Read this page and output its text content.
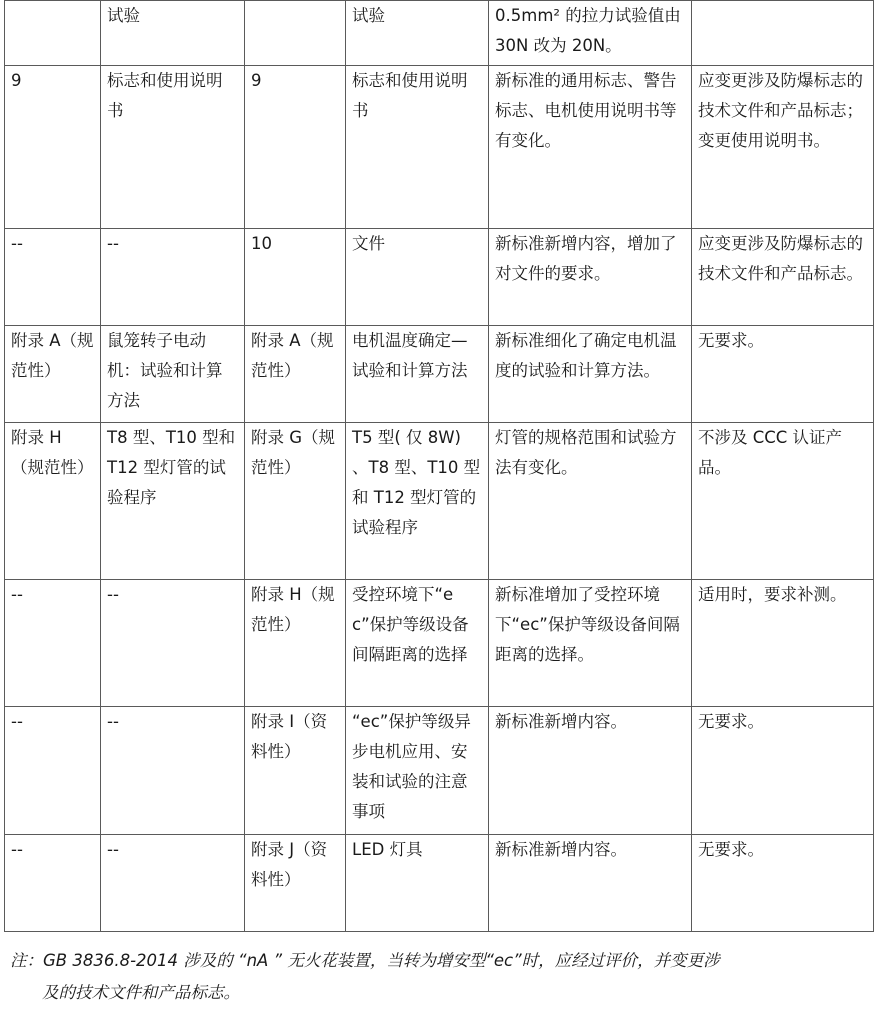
	试验		试验	0.5mm² 的拉力试验值由 30N 改为 20N。	
9	标志和使用说明书	9	标志和使用说明书	新标准的通用标志、警告标志、电机使用说明书等有变化。	应变更涉及防爆标志的技术文件和产品标志；变更使用说明书。
--	--	10	文件	新标准新增内容，增加了对文件的要求。	应变更涉及防爆标志的技术文件和产品标志。
附录 A（规范性）	鼠笼转子电动机：试验和计算方法	附录 A（规范性）	电机温度确定—试验和计算方法	新标准细化了确定电机温度的试验和计算方法。	无要求。
附录 H（规范性）	T8 型、T10 型和 T12 型灯管的试验程序	附录 G（规范性）	T5 型( 仅 8W) 、T8 型、T10 型和 T12 型灯管的试验程序	灯管的规格范围和试验方法有变化。	不涉及 CCC 认证产品。
--	--	附录 H（规范性）	受控环境下“ec”保护等级设备间隔距离的选择	新标准增加了受控环境下“ec”保护等级设备间隔距离的选择。	适用时，要求补测。
--	--	附录 I（资料性）	“ec”保护等级异步电机应用、安装和试验的注意事项	新标准新增内容。	无要求。
--	--	附录 J（资料性）	LED 灯具	新标准新增内容。	无要求。
注：GB 3836.8-2014 涉及的 “nA ” 无火花装置，当转为增安型“ec”时，应经过评价，并变更涉
及的技术文件和产品标志。
